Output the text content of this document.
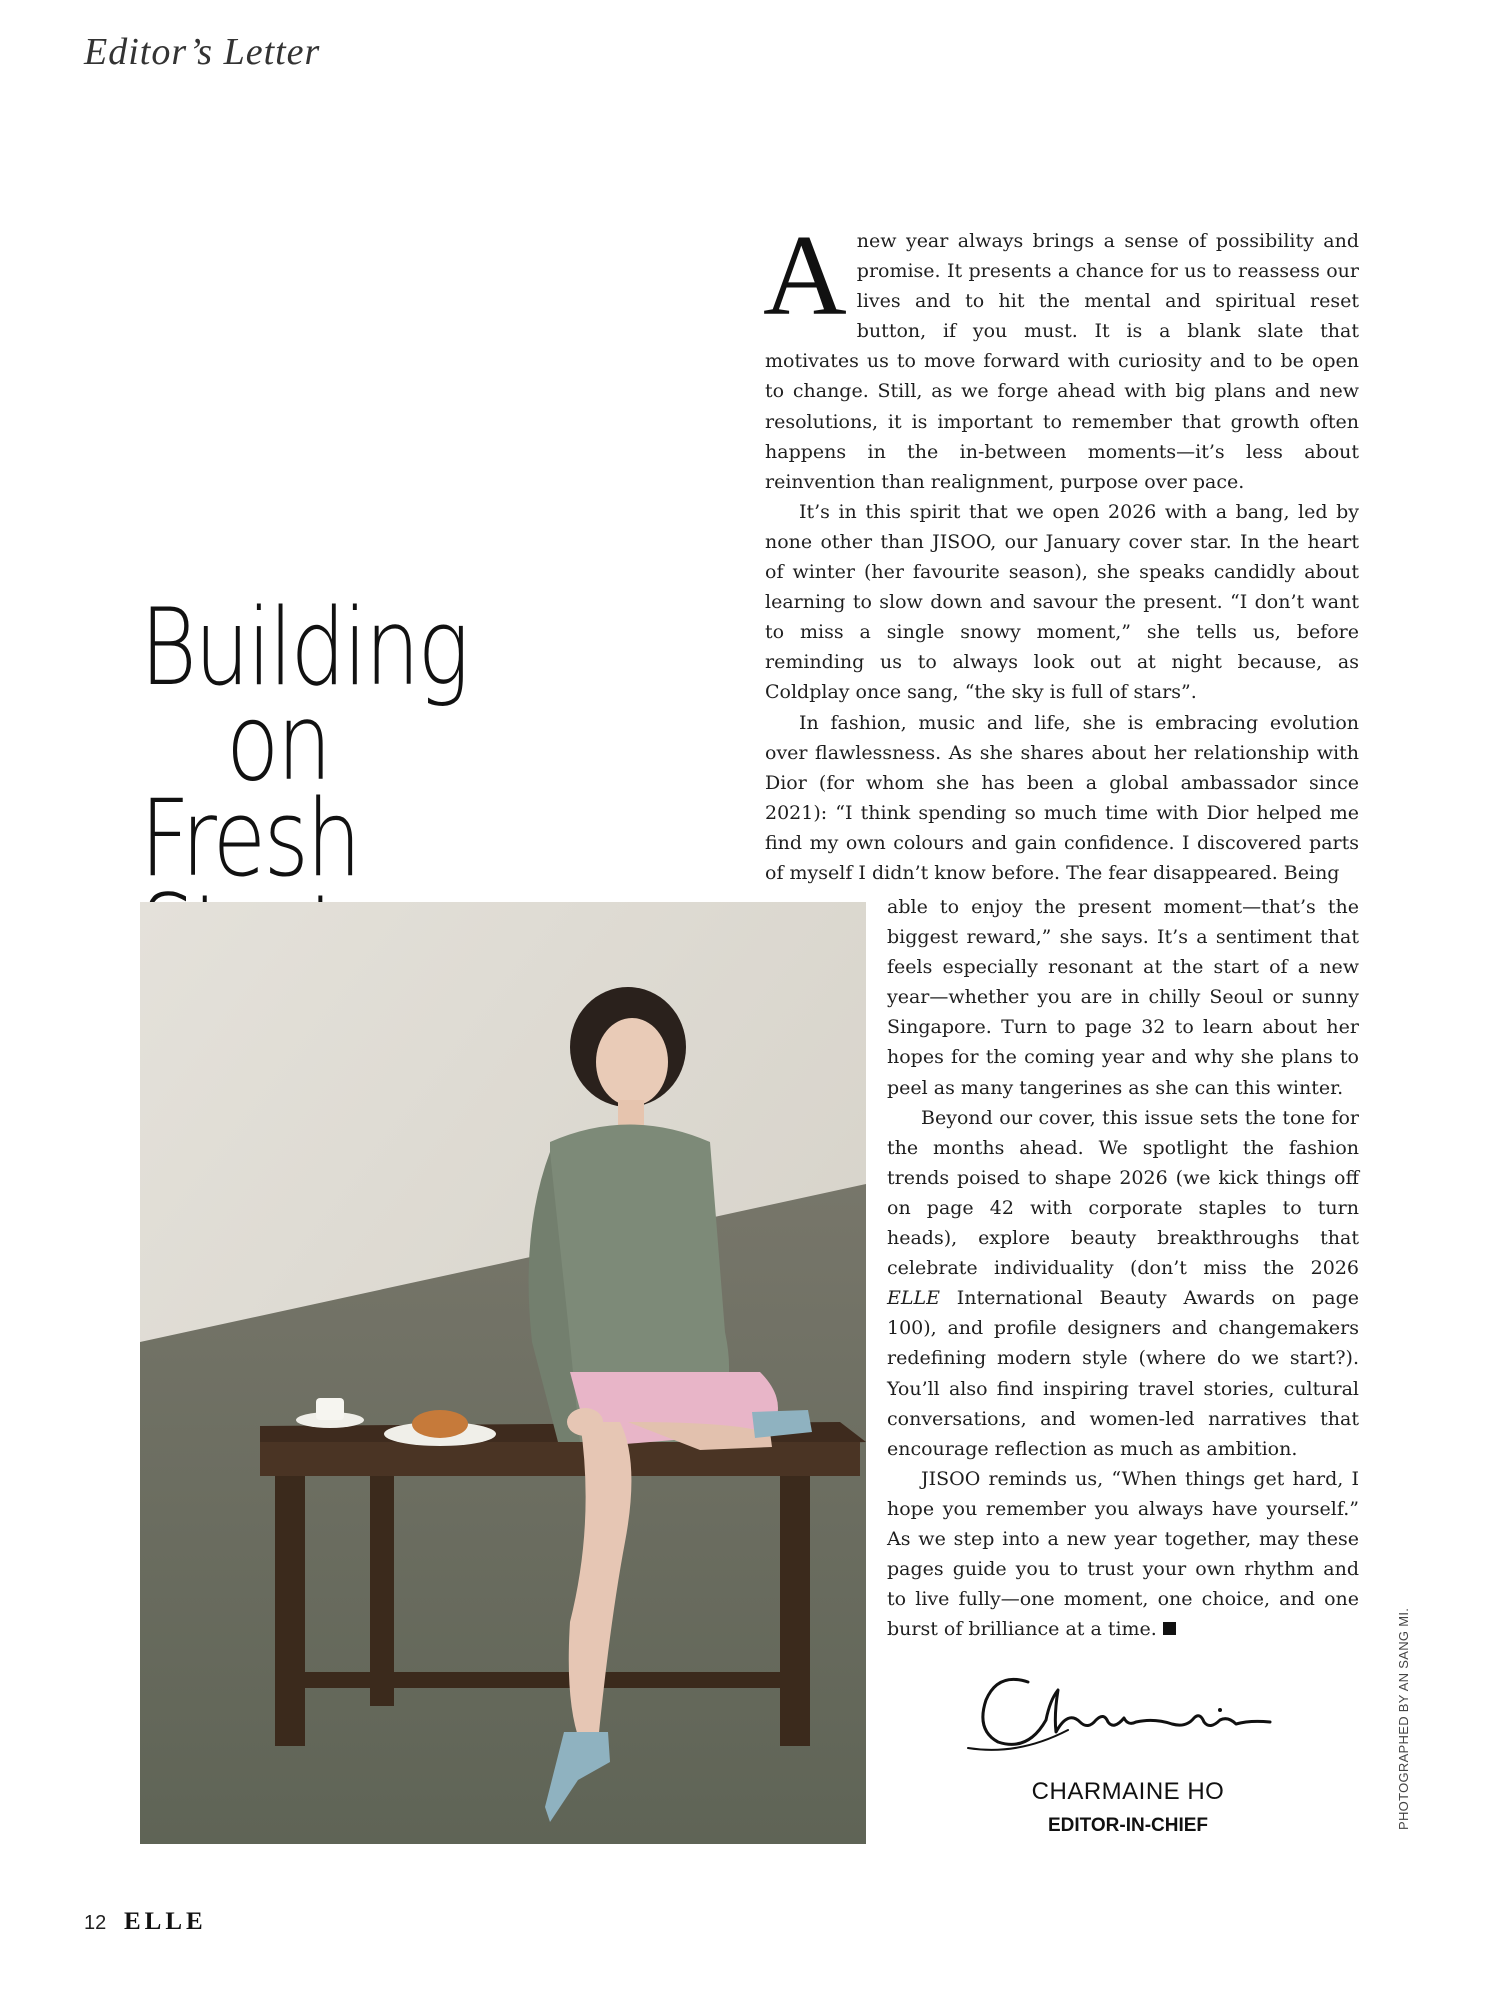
Editor’s Letter
Building
on
Fresh

Anew year always brings a sense of possibility and promise. It presents a chance for us to reassess our lives and to hit the mental and spiritual reset button, if you must. It is a blank slate that motivates us to move forward with curiosity and to be open to change. Still, as we forge ahead with big plans and new resolutions, it is important to remember that growth often happens in the in-between moments—it’s less about reinvention than realignment, purpose over pace.

It’s in this spirit that we open 2026 with a bang, led by none other than JISOO, our January cover star. In the heart of winter (her favourite season), she speaks candidly about learning to slow down and savour the present. “I don’t want to miss a single snowy moment,” she tells us, before reminding us to always look out at night because, as Coldplay once sang, “the sky is full of stars”.

In fashion, music and life, she is embracing evolution over flawlessness. As she shares about her relationship with Dior (for whom she has been a global ambassador since 2021): “I think spending so much time with Dior helped me find my own colours and gain confidence. I discovered parts of myself I didn’t know before. The fear disappeared. Being

able to enjoy the present moment—that’s the biggest reward,” she says. It’s a sentiment that feels especially resonant at the start of a new year—whether you are in chilly Seoul or sunny Singapore. Turn to page 32 to learn about her hopes for the coming year and why she plans to peel as many tangerines as she can this winter.

Beyond our cover, this issue sets the tone for the months ahead. We spotlight the fashion trends poised to shape 2026 (we kick things off on page 42 with corporate staples to turn heads), explore beauty breakthroughs that celebrate individuality (don’t miss the 2026 ELLE International Beauty Awards on page 100), and profile designers and changemakers redefining modern style (where do we start?). You’ll also find inspiring travel stories, cultural conversations, and women-led narratives that encourage reflection as much as ambition.

JISOO reminds us, “When things get hard, I hope you remember you always have yourself.” As we step into a new year together, may these pages guide you to trust your own rhythm and to live fully—one moment, one choice, and one burst of brilliance at a time.

CHARMAINE HO
EDITOR-IN-CHIEF	PHOTOGRAPHED BY AN SANG MI.
12 ELLE
